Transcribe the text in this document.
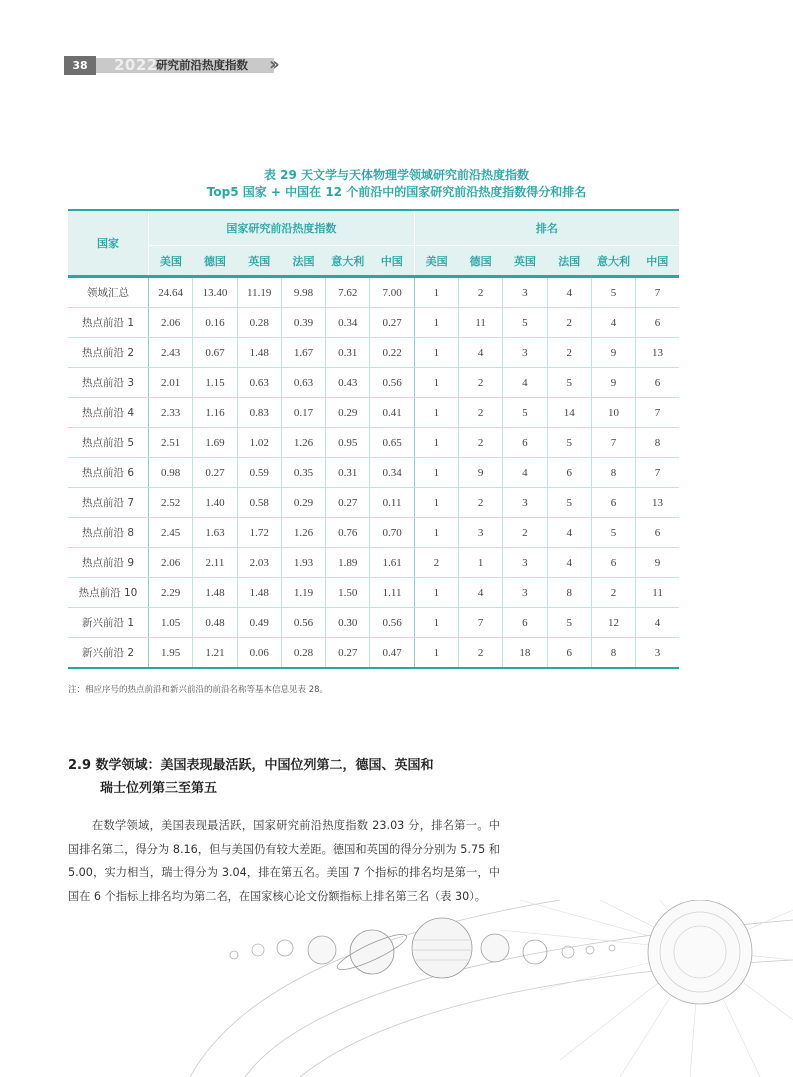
38	2022
研究前沿热度指数 ››
表 29 天文学与天体物理学领域研究前沿热度指数
Top5 国家 + 中国在 12 个前沿中的国家研究前沿热度指数得分和排名
国家	国家研究前沿热度指数						排名					
	美国	德国	英国	法国	意大利	中国	美国	德国	英国	法国	意大利	中国
领域汇总	24.64	13.40	11.19	9.98	7.62	7.00	1	2	3	4	5	7
热点前沿 1	2.06	0.16	0.28	0.39	0.34	0.27	1	11	5	2	4	6
热点前沿 2	2.43	0.67	1.48	1.67	0.31	0.22	1	4	3	2	9	13
热点前沿 3	2.01	1.15	0.63	0.63	0.43	0.56	1	2	4	5	9	6
热点前沿 4	2.33	1.16	0.83	0.17	0.29	0.41	1	2	5	14	10	7
热点前沿 5	2.51	1.69	1.02	1.26	0.95	0.65	1	2	6	5	7	8
热点前沿 6	0.98	0.27	0.59	0.35	0.31	0.34	1	9	4	6	8	7
热点前沿 7	2.52	1.40	0.58	0.29	0.27	0.11	1	2	3	5	6	13
热点前沿 8	2.45	1.63	1.72	1.26	0.76	0.70	1	3	2	4	5	6
热点前沿 9	2.06	2.11	2.03	1.93	1.89	1.61	2	1	3	4	6	9
热点前沿 10	2.29	1.48	1.48	1.19	1.50	1.11	1	4	3	8	2	11
新兴前沿 1	1.05	0.48	0.49	0.56	0.30	0.56	1	7	6	5	12	4
新兴前沿 2	1.95	1.21	0.06	0.28	0.27	0.47	1	2	18	6	8	3
注：相应序号的热点前沿和新兴前沿的前沿名称等基本信息见表 28。
2.9 数学领域：美国表现最活跃，中国位列第二，德国、英国和
瑞士位列第三至第五
在数学领域，美国表现最活跃，国家研究前沿热度指数 23.03 分，排名第一。中国排名第二，得分为 8.16，但与美国仍有较大差距。德国和英国的得分分别为 5.75 和 5.00，实力相当，瑞士得分为 3.04，排在第五名。美国 7 个指标的排名均是第一，中国在 6 个指标上排名均为第二名，在国家核心论文份额指标上排名第三名（表 30）。
